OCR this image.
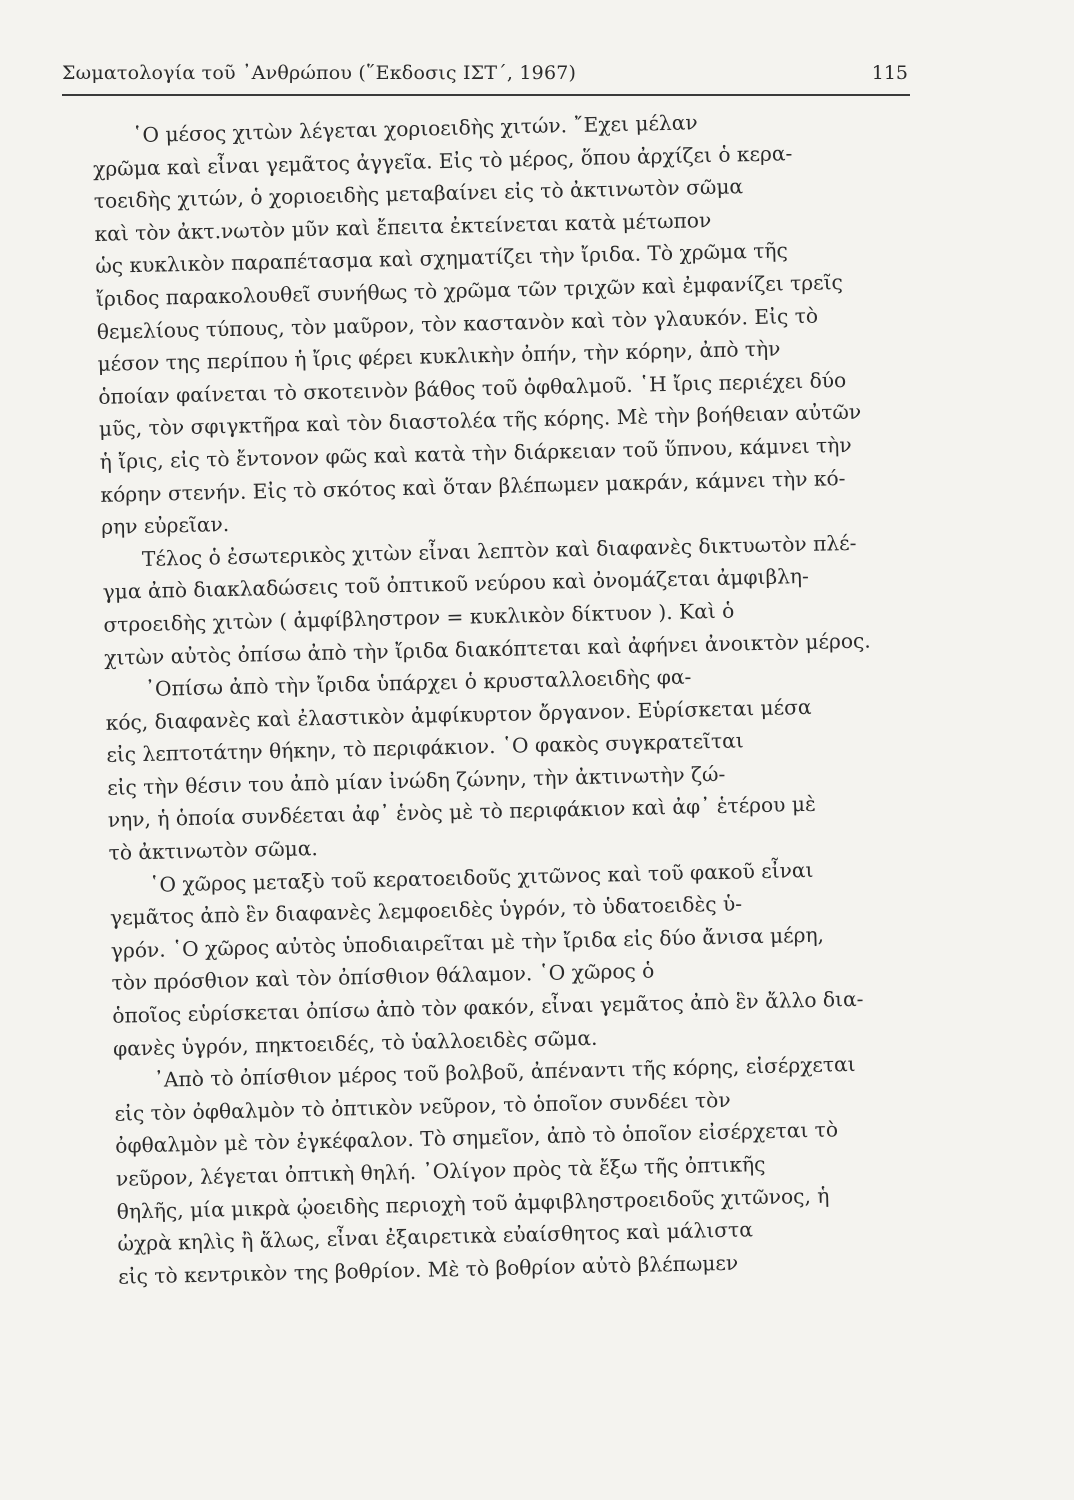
Σωματολογία τοῦ ᾿Ανθρώπου (῞Εκδοσις ΙΣΤ΄, 1967)	115
῾Ο μέσος χιτὼν λέγεται χοριοειδὴς χιτών. ῎Εχει μέλαν
χρῶμα καὶ εἶναι γεμᾶτος ἀγγεῖα. Εἰς τὸ μέρος, ὅπου ἀρχίζει ὁ κερα-
τοειδὴς χιτών, ὁ χοριοειδὴς μεταβαίνει εἰς τὸ ἀκτινωτὸν σῶμα
καὶ τὸν ἀκτ.νωτὸν μῦν καὶ ἔπειτα ἐκτείνεται κατὰ μέτωπον
ὡς κυκλικὸν παραπέτασμα καὶ σχηματίζει τὴν ἴριδα. Τὸ χρῶμα τῆς
ἴριδος παρακολουθεῖ συνήθως τὸ χρῶμα τῶν τριχῶν καὶ ἐμφανίζει τρεῖς
θεμελίους τύπους, τὸν μαῦρον, τὸν καστανὸν καὶ τὸν γλαυκόν. Εἰς τὸ
μέσον της περίπου ἡ ἴρις φέρει κυκλικὴν ὀπήν, τὴν κόρην, ἀπὸ τὴν
ὁποίαν φαίνεται τὸ σκοτεινὸν βάθος τοῦ ὀφθαλμοῦ. ῾Η ἴρις περιέχει δύο
μῦς, τὸν σφιγκτῆρα καὶ τὸν διαστολέα τῆς κόρης. Μὲ τὴν βοήθειαν αὐτῶν
ἡ ἴρις, εἰς τὸ ἔντονον φῶς καὶ κατὰ τὴν διάρκειαν τοῦ ὕπνου, κάμνει τὴν
κόρην στενήν. Εἰς τὸ σκότος καὶ ὅταν βλέπωμεν μακράν, κάμνει τὴν κό-
ρην εὐρεῖαν.
Τέλος ὁ ἐσωτερικὸς χιτὼν εἶναι λεπτὸν καὶ διαφανὲς δικτυωτὸν πλέ-
γμα ἀπὸ διακλαδώσεις τοῦ ὀπτικοῦ νεύρου καὶ ὀνομάζεται ἀμφιβλη-
στροειδὴς χιτὼν ( ἀμφίβληστρον = κυκλικὸν δίκτυον ). Καὶ ὁ
χιτὼν αὐτὸς ὀπίσω ἀπὸ τὴν ἴριδα διακόπτεται καὶ ἀφήνει ἀνοικτὸν μέρος.
᾿Οπίσω ἀπὸ τὴν ἴριδα ὑπάρχει ὁ κρυσταλλοειδὴς φα-
κός, διαφανὲς καὶ ἐλαστικὸν ἀμφίκυρτον ὄργανον. Εὑρίσκεται μέσα
εἰς λεπτοτάτην θήκην, τὸ περιφάκιον. ῾Ο φακὸς συγκρατεῖται
εἰς τὴν θέσιν του ἀπὸ μίαν ἰνώδη ζώνην, τὴν ἀκτινωτὴν ζώ-
νην, ἡ ὁποία συνδέεται ἀφ᾿ ἑνὸς μὲ τὸ περιφάκιον καὶ ἀφ᾿ ἑτέρου μὲ
τὸ ἀκτινωτὸν σῶμα.
῾Ο χῶρος μεταξὺ τοῦ κερατοειδοῦς χιτῶνος καὶ τοῦ φακοῦ εἶναι
γεμᾶτος ἀπὸ ἓν διαφανὲς λεμφοειδὲς ὑγρόν, τὸ ὑδατοειδὲς ὑ-
γρόν. ῾Ο χῶρος αὐτὸς ὑποδιαιρεῖται μὲ τὴν ἴριδα εἰς δύο ἄνισα μέρη,
τὸν πρόσθιον καὶ τὸν ὀπίσθιον θάλαμον. ῾Ο χῶρος ὁ
ὁποῖος εὑρίσκεται ὀπίσω ἀπὸ τὸν φακόν, εἶναι γεμᾶτος ἀπὸ ἓν ἄλλο δια-
φανὲς ὑγρόν, πηκτοειδές, τὸ ὑαλλοειδὲς σῶμα.
᾿Απὸ τὸ ὀπίσθιον μέρος τοῦ βολβοῦ, ἀπέναντι τῆς κόρης, εἰσέρχεται
εἰς τὸν ὀφθαλμὸν τὸ ὀπτικὸν νεῦρον, τὸ ὁποῖον συνδέει τὸν
ὀφθαλμὸν μὲ τὸν ἐγκέφαλον. Τὸ σημεῖον, ἀπὸ τὸ ὁποῖον εἰσέρχεται τὸ
νεῦρον, λέγεται ὀπτικὴ θηλή. ᾿Ολίγον πρὸς τὰ ἔξω τῆς ὀπτικῆς
θηλῆς, μία μικρὰ ᾠοειδὴς περιοχὴ τοῦ ἀμφιβληστροειδοῦς χιτῶνος, ἡ
ὠχρὰ κηλὶς ἢ ἅλως, εἶναι ἐξαιρετικὰ εὐαίσθητος καὶ μάλιστα
εἰς τὸ κεντρικὸν της βοθρίον. Μὲ τὸ βοθρίον αὐτὸ βλέπωμεν
